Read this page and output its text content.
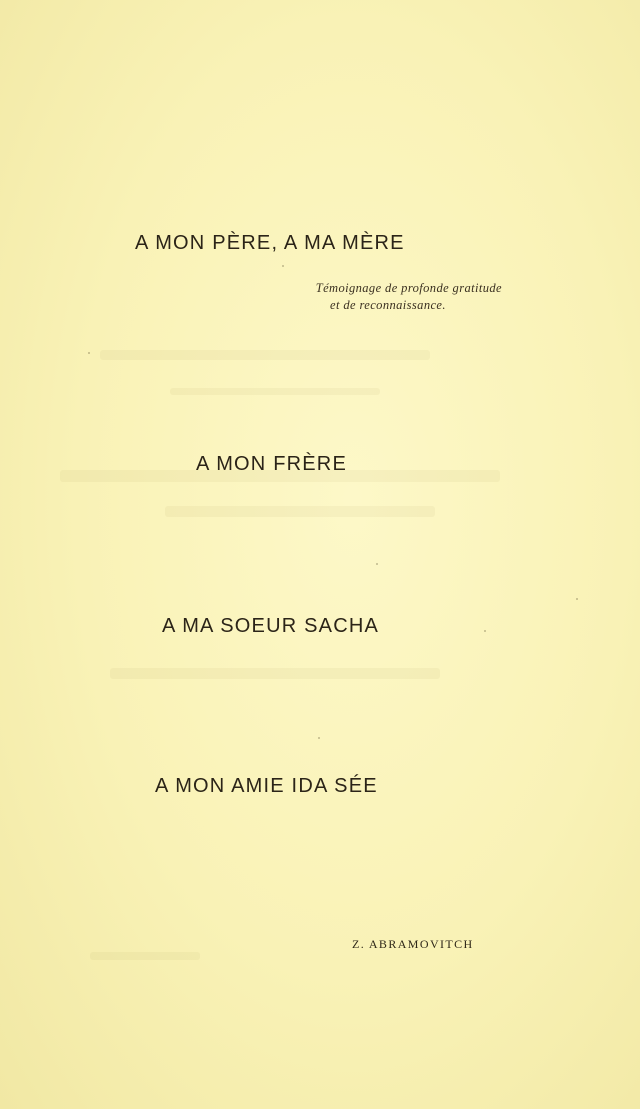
A MON PÈRE, A MA MÈRE
Témoignage de profonde gratitude
et de reconnaissance.
A MON FRÈRE
A MA SOEUR SACHA
A MON AMIE IDA SÉE
Z. ABRAMOVITCH
